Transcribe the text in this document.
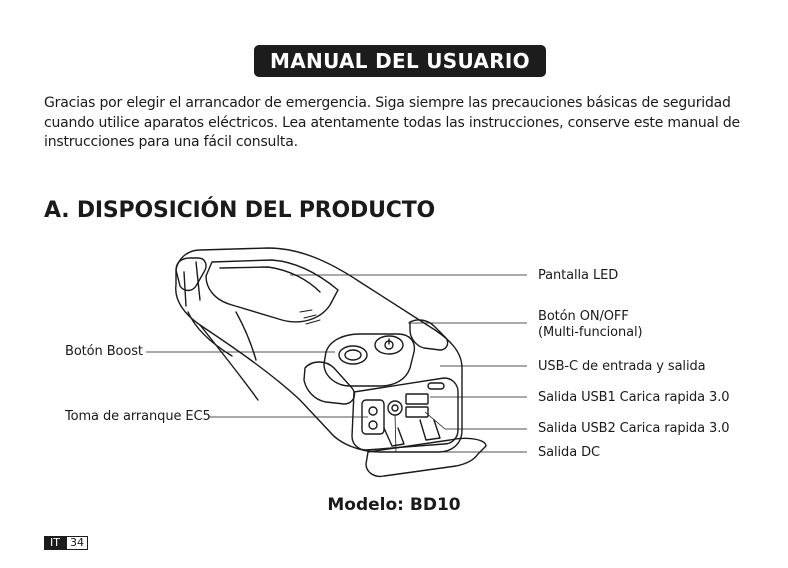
MANUAL DEL USUARIO

Gracias por elegir el arrancador de emergencia. Siga siempre las precauciones básicas de seguridad cuando utilice aparatos eléctricos. Lea atentamente todas las instrucciones, conserve este manual de instrucciones para una fácil consulta.

A. DISPOSICIÓN DEL PRODUCTO
Pantalla LED
Botón ON/OFF
(Multi-funcional)
Botón Boost
USB-C de entrada y salida
Salida USB1 Carica rapida 3.0
Toma de arranque EC5
Salida USB2 Carica rapida 3.0
Salida DC
Modelo: BD10
IT 34
